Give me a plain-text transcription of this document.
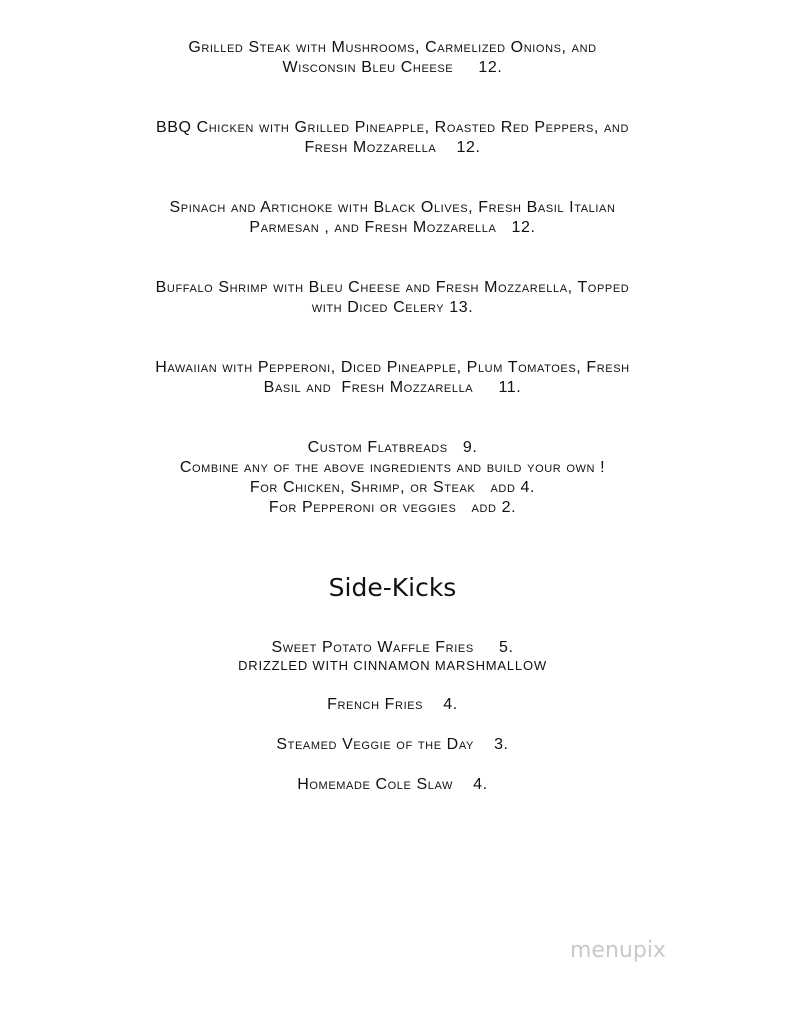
Grilled Steak with Mushrooms, Carmelized Onions, and
Wisconsin Bleu Cheese     12.
BBQ Chicken with Grilled Pineapple, Roasted Red Peppers, and
Fresh Mozzarella    12.
Spinach and Artichoke with Black Olives, Fresh Basil Italian
Parmesan , and Fresh Mozzarella   12.
Buffalo Shrimp with Bleu Cheese and Fresh Mozzarella, Topped
with Diced Celery 13.
Hawaiian with Pepperoni, Diced Pineapple, Plum Tomatoes, Fresh
Basil and  Fresh Mozzarella     11.
Custom Flatbreads   9.
Combine any of the above ingredients and build your own !
For Chicken, Shrimp, or Steak   add 4.
For Pepperoni or veggies   add 2.
Side-Kicks
Sweet Potato Waffle Fries     5.
DRIZZLED WITH CINNAMON MARSHMALLOW
French Fries    4.
Steamed Veggie of the Day    3.
Homemade Cole Slaw    4.
menupix
